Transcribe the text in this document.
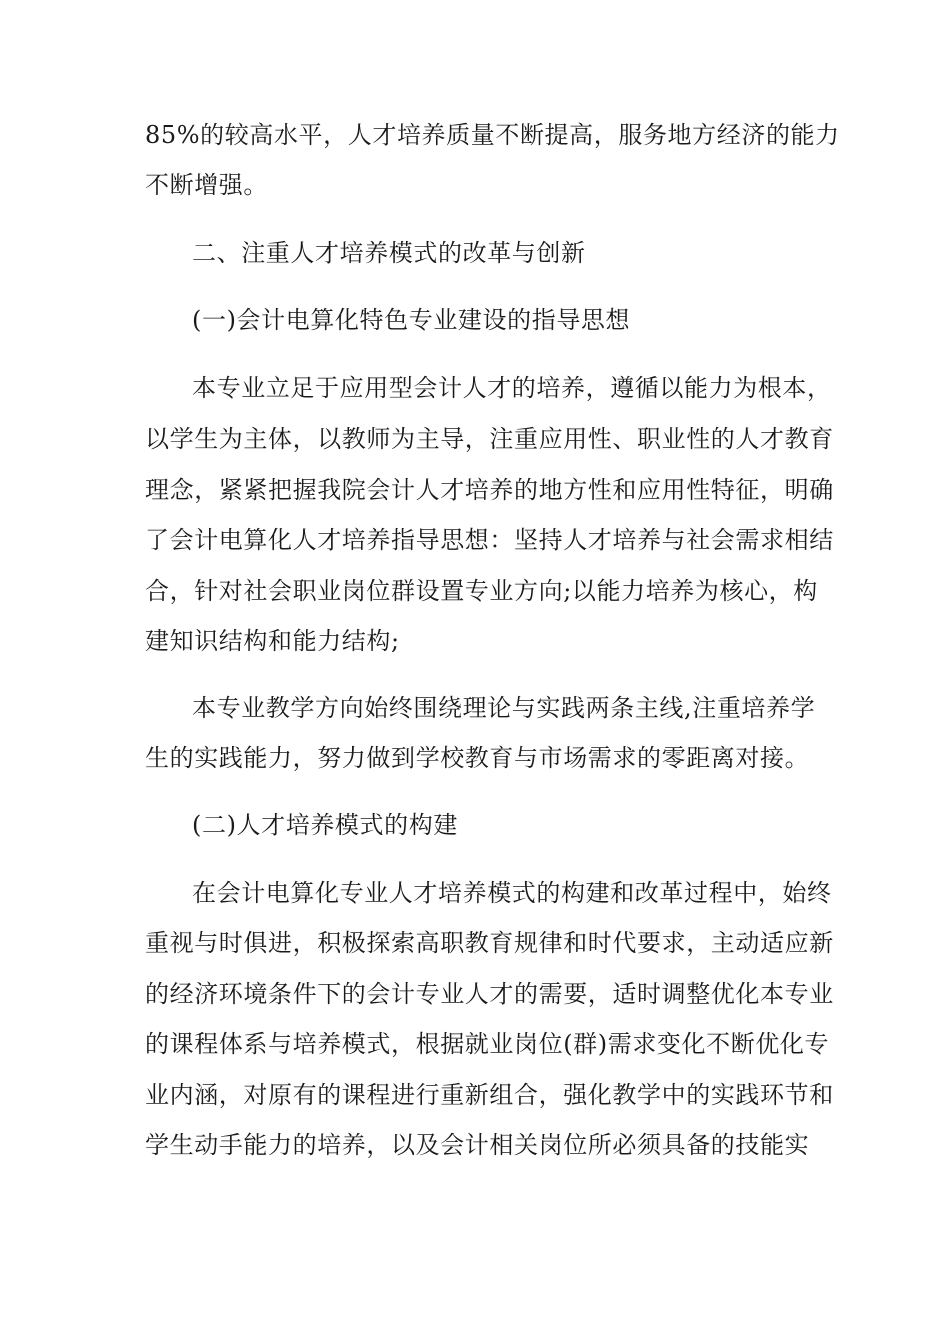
85%的较高水平，人才培养质量不断提高，服务地方经济的能力
不断增强。
二、注重人才培养模式的改革与创新
(一)会计电算化特色专业建设的指导思想
本专业立足于应用型会计人才的培养，遵循以能力为根本，
以学生为主体，以教师为主导，注重应用性、职业性的人才教育
理念，紧紧把握我院会计人才培养的地方性和应用性特征，明确
了会计电算化人才培养指导思想：坚持人才培养与社会需求相结
合，针对社会职业岗位群设置专业方向;以能力培养为核心，构
建知识结构和能力结构;
本专业教学方向始终围绕理论与实践两条主线,注重培养学
生的实践能力，努力做到学校教育与市场需求的零距离对接。
(二)人才培养模式的构建
在会计电算化专业人才培养模式的构建和改革过程中，始终
重视与时俱进，积极探索高职教育规律和时代要求，主动适应新
的经济环境条件下的会计专业人才的需要，适时调整优化本专业
的课程体系与培养模式，根据就业岗位(群)需求变化不断优化专
业内涵，对原有的课程进行重新组合，强化教学中的实践环节和
学生动手能力的培养，以及会计相关岗位所必须具备的技能实
